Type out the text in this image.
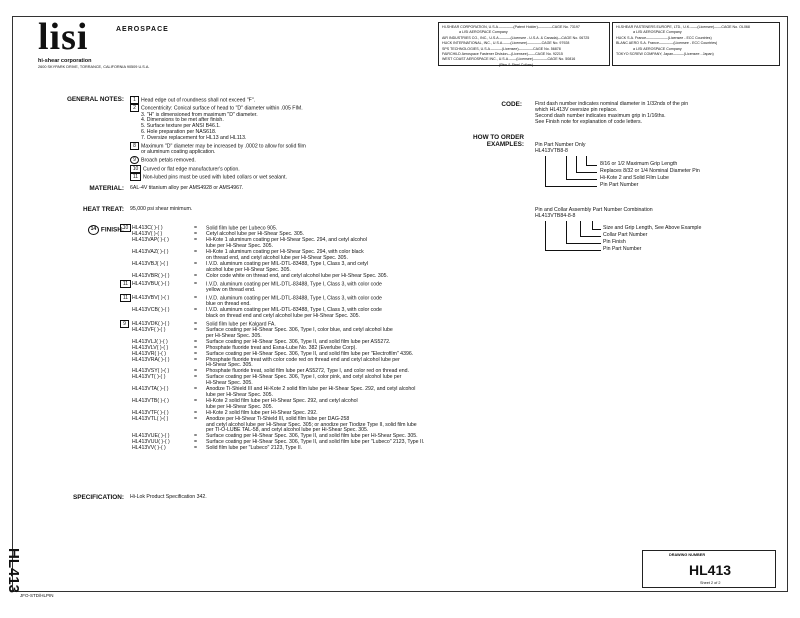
lisi	AEROSPACE
hi-shear corporation
2600 SKYPARK DRIVE, TORRANCE, CALIFORNIA 90509 U.S.A.
HI-SHEAR CORPORATION, U.S.A.————(Patent Holder)————CAGE No. 73197
a LISI AEROSPACE Company
AIR INDUSTRIES CO., INC., U.S.A.———(Licensee - U.S.A. & Canada)—CAGE No. 06725
HUCK INTERNATIONAL, INC., U.S.A.——(Licensee)————CAGE No. 97928
SPS TECHNOLOGIES, U.S.A.———(Licensee)————CAGE No. 56878
FAIRCHILD Aerospace Fastener Division—(Licensee)——CAGE No. 92215
WEST COAST AEROSPACE INC., U.S.A.——(Licensee)————CAGE No. 50816
(Pins & Steel Collars)
HI-SHEAR FASTENERS EUROPE, LTD., U.K.——(Licensee)——CAGE No. OL068
a LISI AEROSPACE Company
HUCK S.A. France——————(Licensee - ECC Countries)
BLANC AERO S.A. France————(Licensee - ECC Countries)
a LISI AEROSPACE Company
TOKYO SCREW COMPANY, Japan———(Licensee - Japan)
GENERAL NOTES:	1 Head edge out of roundness shall not exceed "F".
2 Concentricity: Conical surface of head to "D" diameter within .005 FIM.
3. "H" is dimensioned from maximum "D" diameter.
4. Dimensions to be met after finish.
5. Surface texture per ANSI B46.1.
6. Hole preparation per NAS618.
7. Oversize replacement for HL13 and HL113.
8 Maximum "D" diameter may be increased by .0002 to allow for solid film
or aluminum coating application.
9 Broach petals removed.
10 Curved or flat edge manufacturer's option.
11 Non-lubed pins must be used with lubed collars or wet sealant.
MATERIAL: 6AL-4V titanium alloy per AMS4928 or AMS4967.
HEAT TREAT: 95,000 psi shear minimum.
14 FINISH:
10 HL413C( )-( )	= Solid film lube per Lubeco 905.
HL413V( )-( )	= Cetyl alcohol lube per Hi-Shear Spec. 305.
HL413VAP( )-( )	= Hi-Kote 1 aluminum coating per Hi-Shear Spec. 294, and cetyl alcohol
lube per Hi-Shear Spec. 305.
HL413VAZ( )-( )	= Hi-Kote 1 aluminum coating per Hi-Shear Spec. 294, with color black
on thread end, and cetyl alcohol lube per Hi-Shear Spec. 305.
HL413VBJ( )-( )	= I.V.D. aluminum coating per MIL-DTL-83488, Type I, Class 3, and cetyl
alcohol lube per Hi-Shear Spec. 305.
HL413VBR( )-( )	= Color code white on thread end, and cetyl alcohol lube per Hi-Shear Spec. 305.
11 HL413VBU( )-( )	= I.V.D. aluminum coating per MIL-DTL-83488, Type I, Class 3, with color code
yellow on thread end.
11 HL413VBV( )-( )	= I.V.D. aluminum coating per MIL-DTL-83488, Type I, Class 3, with color code
blue on thread end.
HL413VCB( )-( )	= I.V.D. aluminum coating per MIL-DTL-83488, Type I, Class 3, with color code
black on thread end and cetyl alcohol lube per Hi-Shear Spec. 305.
9 HL413VDK( )-( )	= Solid film lube per Kalgard FA.
HL413VF( )-( )	= Surface coating per Hi-Shear Spec. 306, Type I, color blue, and cetyl alcohol lube
per Hi-Shear Spec. 305.
HL413VLJ( )-( )	= Surface coating per Hi-Shear Spec. 306, Type II, and solid film lube per AS5272.
HL413VLV( )-( )	= Phosphate fluoride treat and Esna-Lube No. 382 (Everlube Corp).
HL413VR( )-( )	= Surface coating per Hi-Shear Spec. 306, Type II, and solid film lube per "Electrofilm" 4396.
HL413VRA( )-( )	= Phosphate fluoride treat with color code red on thread end and cetyl alcohol lube per
Hi-Shear Spec. 305.
HL413VSY( )-( )	= Phosphate fluoride treat, solid film lube per AS5272, Type I, and color red on thread end.
HL413VT( )-( )	= Surface coating per Hi-Shear Spec. 306, Type I, color pink, and cetyl alcohol lube per
Hi-Shear Spec. 305.
HL413VTA( )-( )	= Anodize Ti-Shield III and Hi-Kote 2 solid film lube per Hi-Shear Spec. 292, and cetyl alcohol
lube per Hi-Shear Spec. 305.
HL413VTB( )-( )	= Hi-Kote 2 solid film lube per Hi-Shear Spec. 292, and cetyl alcohol
lube per Hi-Shear Spec. 305.
HL413VTF( )-( )	= Hi-Kote 2 solid film lube per Hi-Shear Spec. 292.
HL413VTL( )-( )	= Anodize per Hi-Shear Ti-Shield III, solid film lube per DAG-258
and cetyl alcohol lube per Hi-Shear Spec. 305; or anodize per Tiodize Type II, solid film lube
per TI-O-LUBE TAL-58, and cetyl alcohol lube per Hi-Shear Spec. 305.
HL413VUE( )-( )	= Surface coating per Hi-Shear Spec. 306, Type II, and solid film lube per Hi-Shear Spec. 305.
HL413VUU( )-( )	= Surface coating per Hi-Shear Spec. 306, Type II, and solid film lube per "Lubeco" 2123, Type II.
HL413VV( )-( )	= Solid film lube per "Lubeco" 2123, Type II.
SPECIFICATION: Hi-Lok Product Specification 342.
CODE:	First dash number indicates nominal diameter in 1/32nds of the pin
which HL413V oversize pin replace.
Second dash number indicates maximum grip in 1/16ths.
See Finish note for explanation of code letters.
HOW TO ORDER
EXAMPLES: Pin Part Number Only
HL413VTB8-8
8/16 or 1/2 Maximum Grip Length
Replaces 8/32 or 1/4 Nominal Diameter Pin
Hi-Kote 2 and Solid Film Lube
Pin Part Number
Pin and Collar Assembly Part Number Combination
HL413VTB84-8-8
Size and Grip Length, See Above Example
Collar Part Number
Pin Finish
Pin Part Number
DRAWING NUMBER
HL413
Sheet 2 of 2
HL413
JFO-STD/HLPIN
